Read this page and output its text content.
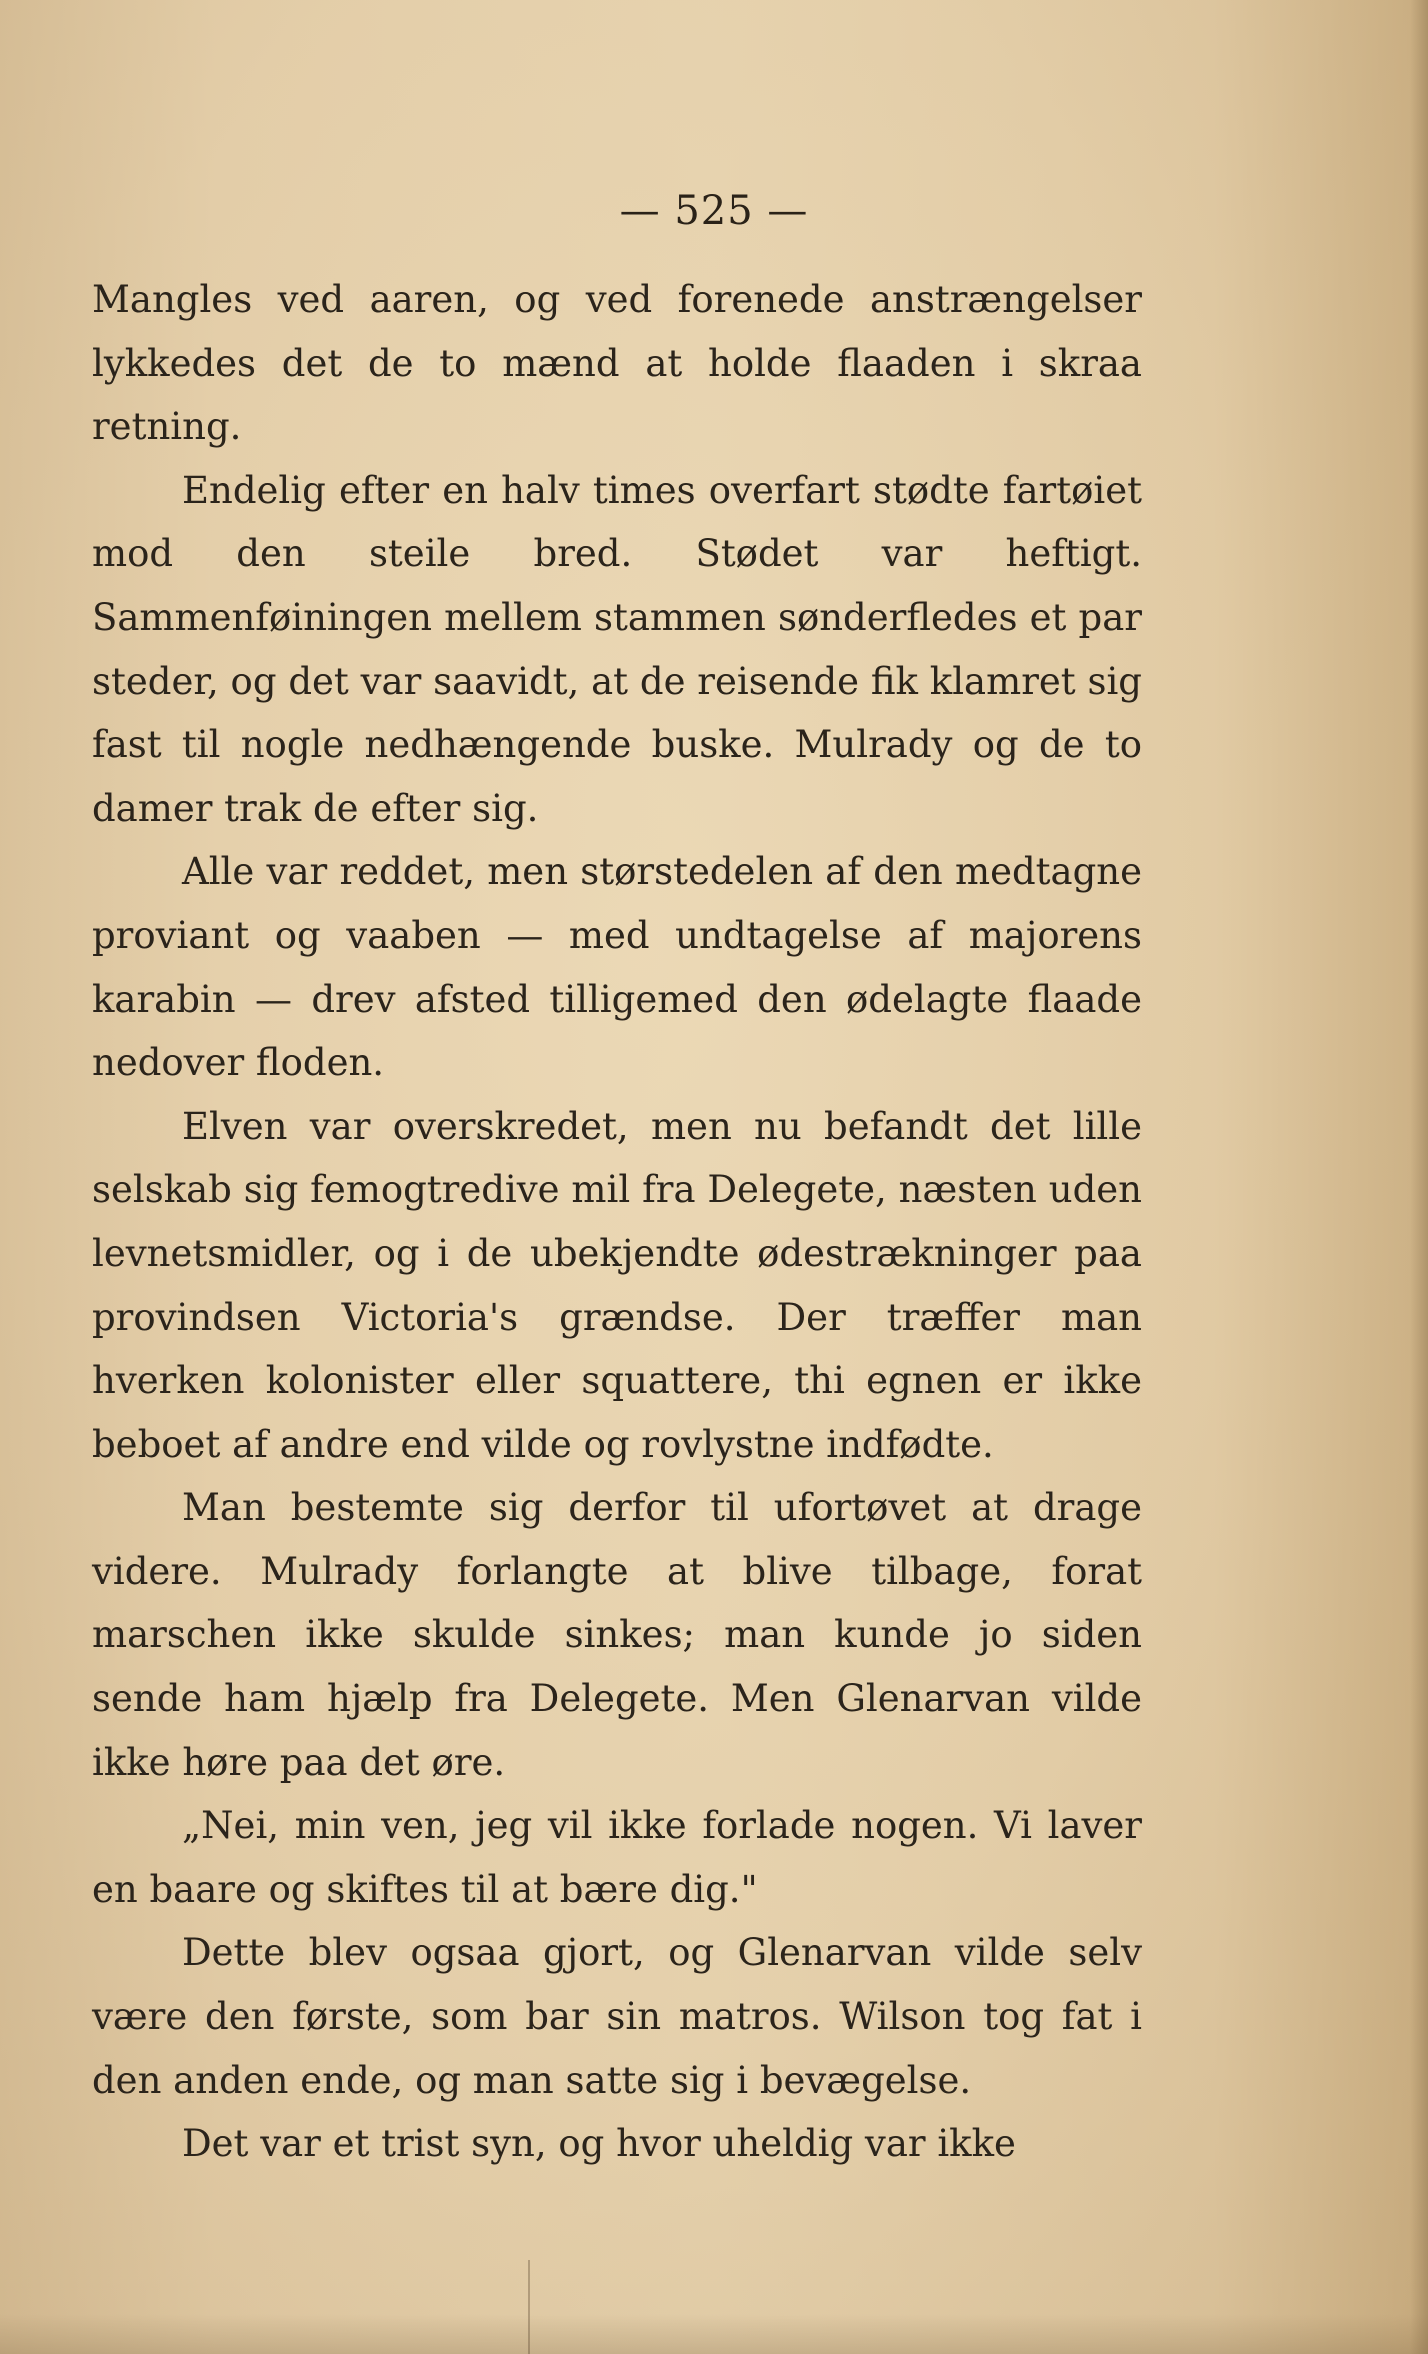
— 525 —

Mangles ved aaren, og ved forenede anstrængelser lykkedes det de to mænd at holde flaaden i skraa retning.

Endelig efter en halv times overfart stødte fartøiet mod den steile bred. Stødet var heftigt. Sammenføiningen mellem stammen sønderfledes et par steder, og det var saavidt, at de reisende fik klamret sig fast til nogle nedhængende buske. Mulrady og de to damer trak de efter sig.

Alle var reddet, men størstedelen af den medtagne proviant og vaaben — med undtagelse af majorens karabin — drev afsted tilligemed den ødelagte flaade nedover floden.

Elven var overskredet, men nu befandt det lille selskab sig femogtredive mil fra Delegete, næsten uden levnetsmidler, og i de ubekjendte ødestrækninger paa provindsen Victoria's grændse. Der træffer man hverken kolonister eller squattere, thi egnen er ikke beboet af andre end vilde og rovlystne indfødte.

Man bestemte sig derfor til ufortøvet at drage videre. Mulrady forlangte at blive tilbage, forat marschen ikke skulde sinkes; man kunde jo siden sende ham hjælp fra Delegete. Men Glenarvan vilde ikke høre paa det øre.

„Nei, min ven, jeg vil ikke forlade nogen. Vi laver en baare og skiftes til at bære dig."

Dette blev ogsaa gjort, og Glenarvan vilde selv være den første, som bar sin matros. Wilson tog fat i den anden ende, og man satte sig i bevægelse.

Det var et trist syn, og hvor uheldig var ikke
